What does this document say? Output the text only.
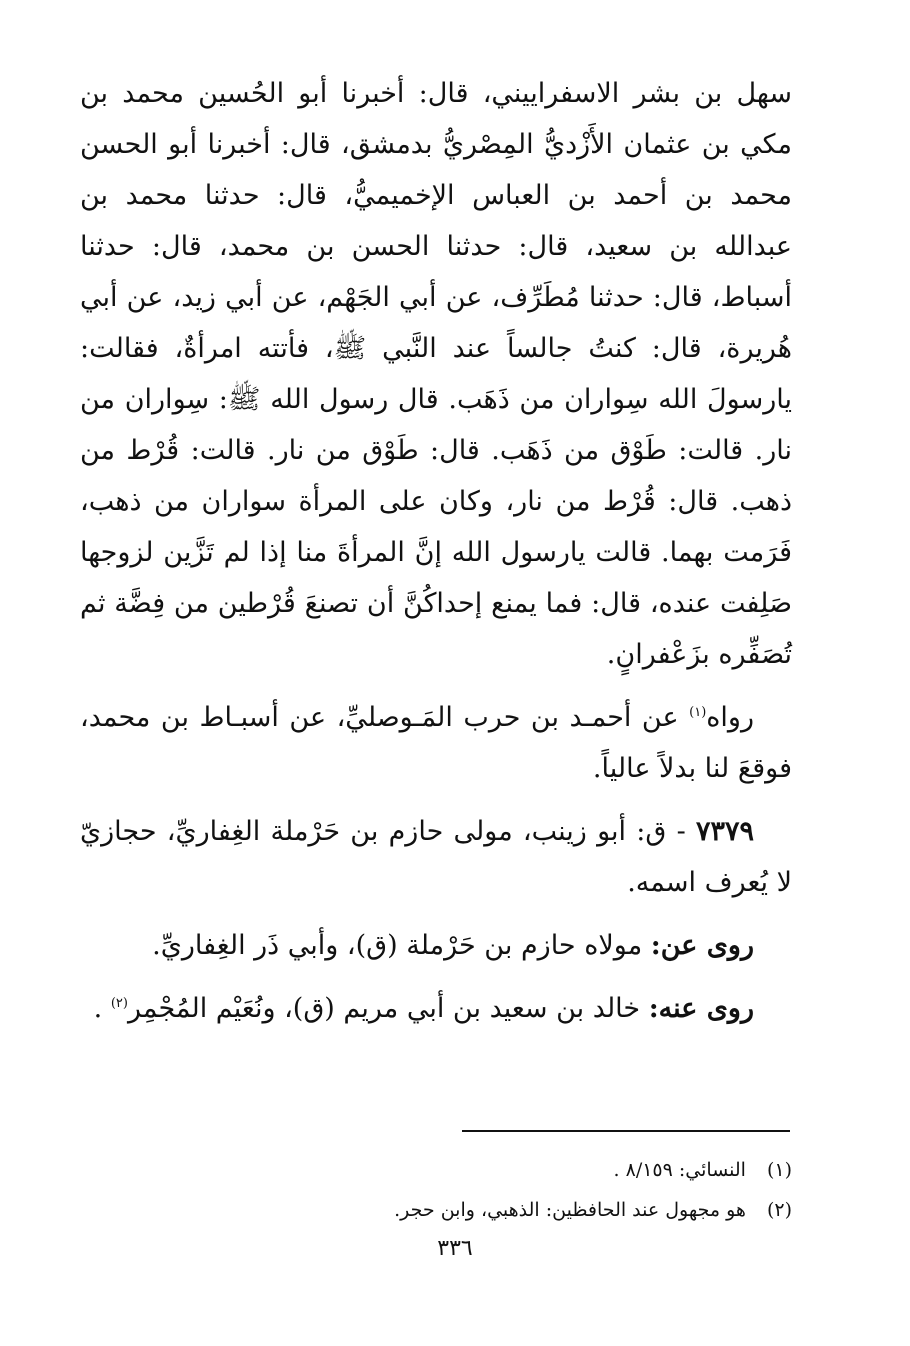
سهل بن بشر الاسفراييني، قال: أخبرنا أبو الحُسين محمد بن مكي بن عثمان الأَزْديُّ المِصْريُّ بدمشق، قال: أخبرنا أبو الحسن محمد بن أحمد بن العباس الإخميميُّ، قال: حدثنا محمد بن عبدالله بن سعيد، قال: حدثنا الحسن بن محمد، قال: حدثنا أسباط، قال: حدثنا مُطَرِّف، عن أبي الجَهْم، عن أبي زيد، عن أبي هُريرة، قال: كنتُ جالساً عند النَّبي ﷺ، فأتته امرأةٌ، فقالت: يارسولَ الله سِواران من ذَهَب. قال رسول الله ﷺ: سِواران من نار. قالت: طَوْق من ذَهَب. قال: طَوْق من نار. قالت: قُرْط من ذهب. قال: قُرْط من نار، وكان على المرأة سواران من ذهب، فَرَمت بهما. قالت يارسول الله إنَّ المرأةَ منا إذا لم تَزَّين لزوجها صَلِفت عنده، قال: فما يمنع إحداكُنَّ أن تصنعَ قُرْطين من فِضَّة ثم تُصَفِّره بزَعْفرانٍ.

رواه$^{(١)}$ عن أحمـد بن حرب المَـوصليِّ، عن أسبـاط بن محمد، فوقعَ لنا بدلاً عالياً.

٧٣٧٩ - ق: أبو زينب، مولى حازم بن حَرْملة الغِفاريِّ، حجازيّ لا يُعرف اسمه.

روى عن: مولاه حازم بن حَرْملة (ق)، وأبي ذَر الغِفاريِّ.

روى عنه: خالد بن سعيد بن أبي مريم (ق)، ونُعَيْم المُجْمِر$^{(٢)}$ .

(١) النسائي: ٨/١٥٩ .
(٢) هو مجهول عند الحافظين: الذهبي، وابن حجر.
٣٣٦
